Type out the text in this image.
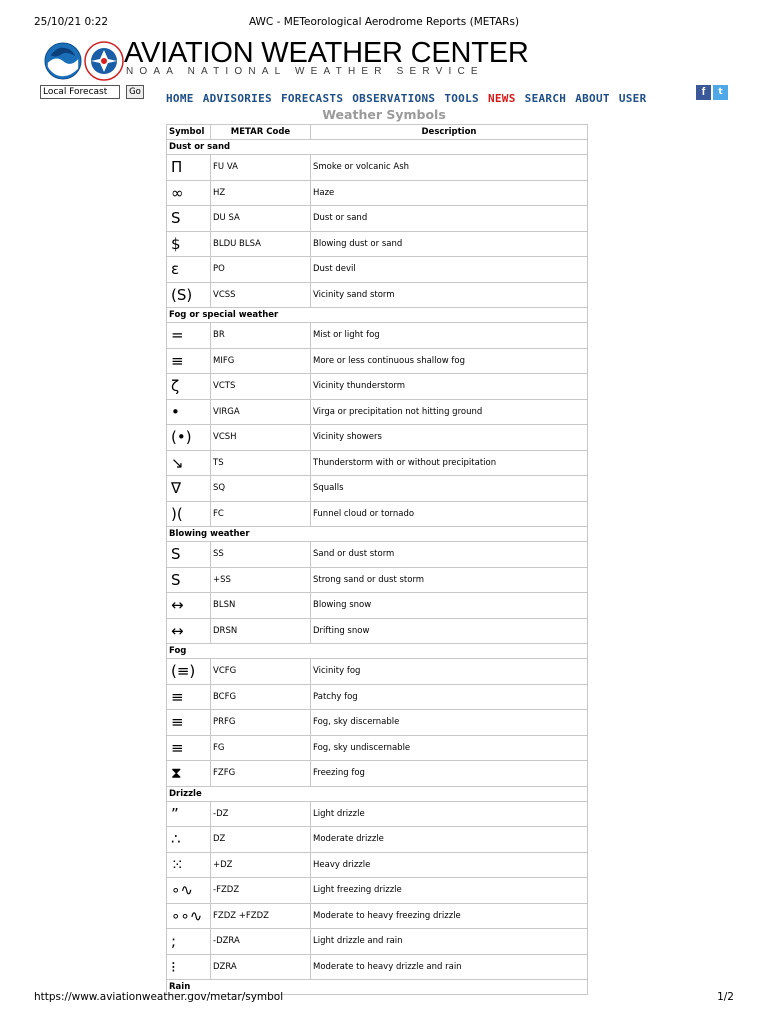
25/10/21 0:22	AWC - METeorological Aerodrome Reports (METARs)
AVIATION WEATHER CENTER
NOAA NATIONAL WEATHER SERVICE
Local Forecast
Go HOME ADVISORIES FORECASTS OBSERVATIONS TOOLS NEWS SEARCH ABOUT USER	f t
Weather Symbols
Symbol	METAR Code	Description
Dust or sand		
Π	FU VA	Smoke or volcanic Ash
∞	HZ	Haze
S	DU SA	Dust or sand
$	BLDU BLSA	Blowing dust or sand
ε	PO	Dust devil
(S)	VCSS	Vicinity sand storm
Fog or special weather		
=	BR	Mist or light fog
≡	MIFG	More or less continuous shallow fog
ζ	VCTS	Vicinity thunderstorm
•	VIRGA	Virga or precipitation not hitting ground
(•)	VCSH	Vicinity showers
↘	TS	Thunderstorm with or without precipitation
∇	SQ	Squalls
)(	FC	Funnel cloud or tornado
Blowing weather		
S	SS	Sand or dust storm
S	+SS	Strong sand or dust storm
↔	BLSN	Blowing snow
↔	DRSN	Drifting snow
Fog		
(≡)	VCFG	Vicinity fog
≡	BCFG	Patchy fog
≡	PRFG	Fog, sky discernable
≡	FG	Fog, sky undiscernable
⧗	FZFG	Freezing fog
Drizzle		
”	-DZ	Light drizzle
∴	DZ	Moderate drizzle
⁙	+DZ	Heavy drizzle
∘∿	-FZDZ	Light freezing drizzle
∘∘∿	FZDZ +FZDZ	Moderate to heavy freezing drizzle
;	-DZRA	Light drizzle and rain
⁝	DZRA	Moderate to heavy drizzle and rain
Rain		
https://www.aviationweather.gov/metar/symbol	1/2
